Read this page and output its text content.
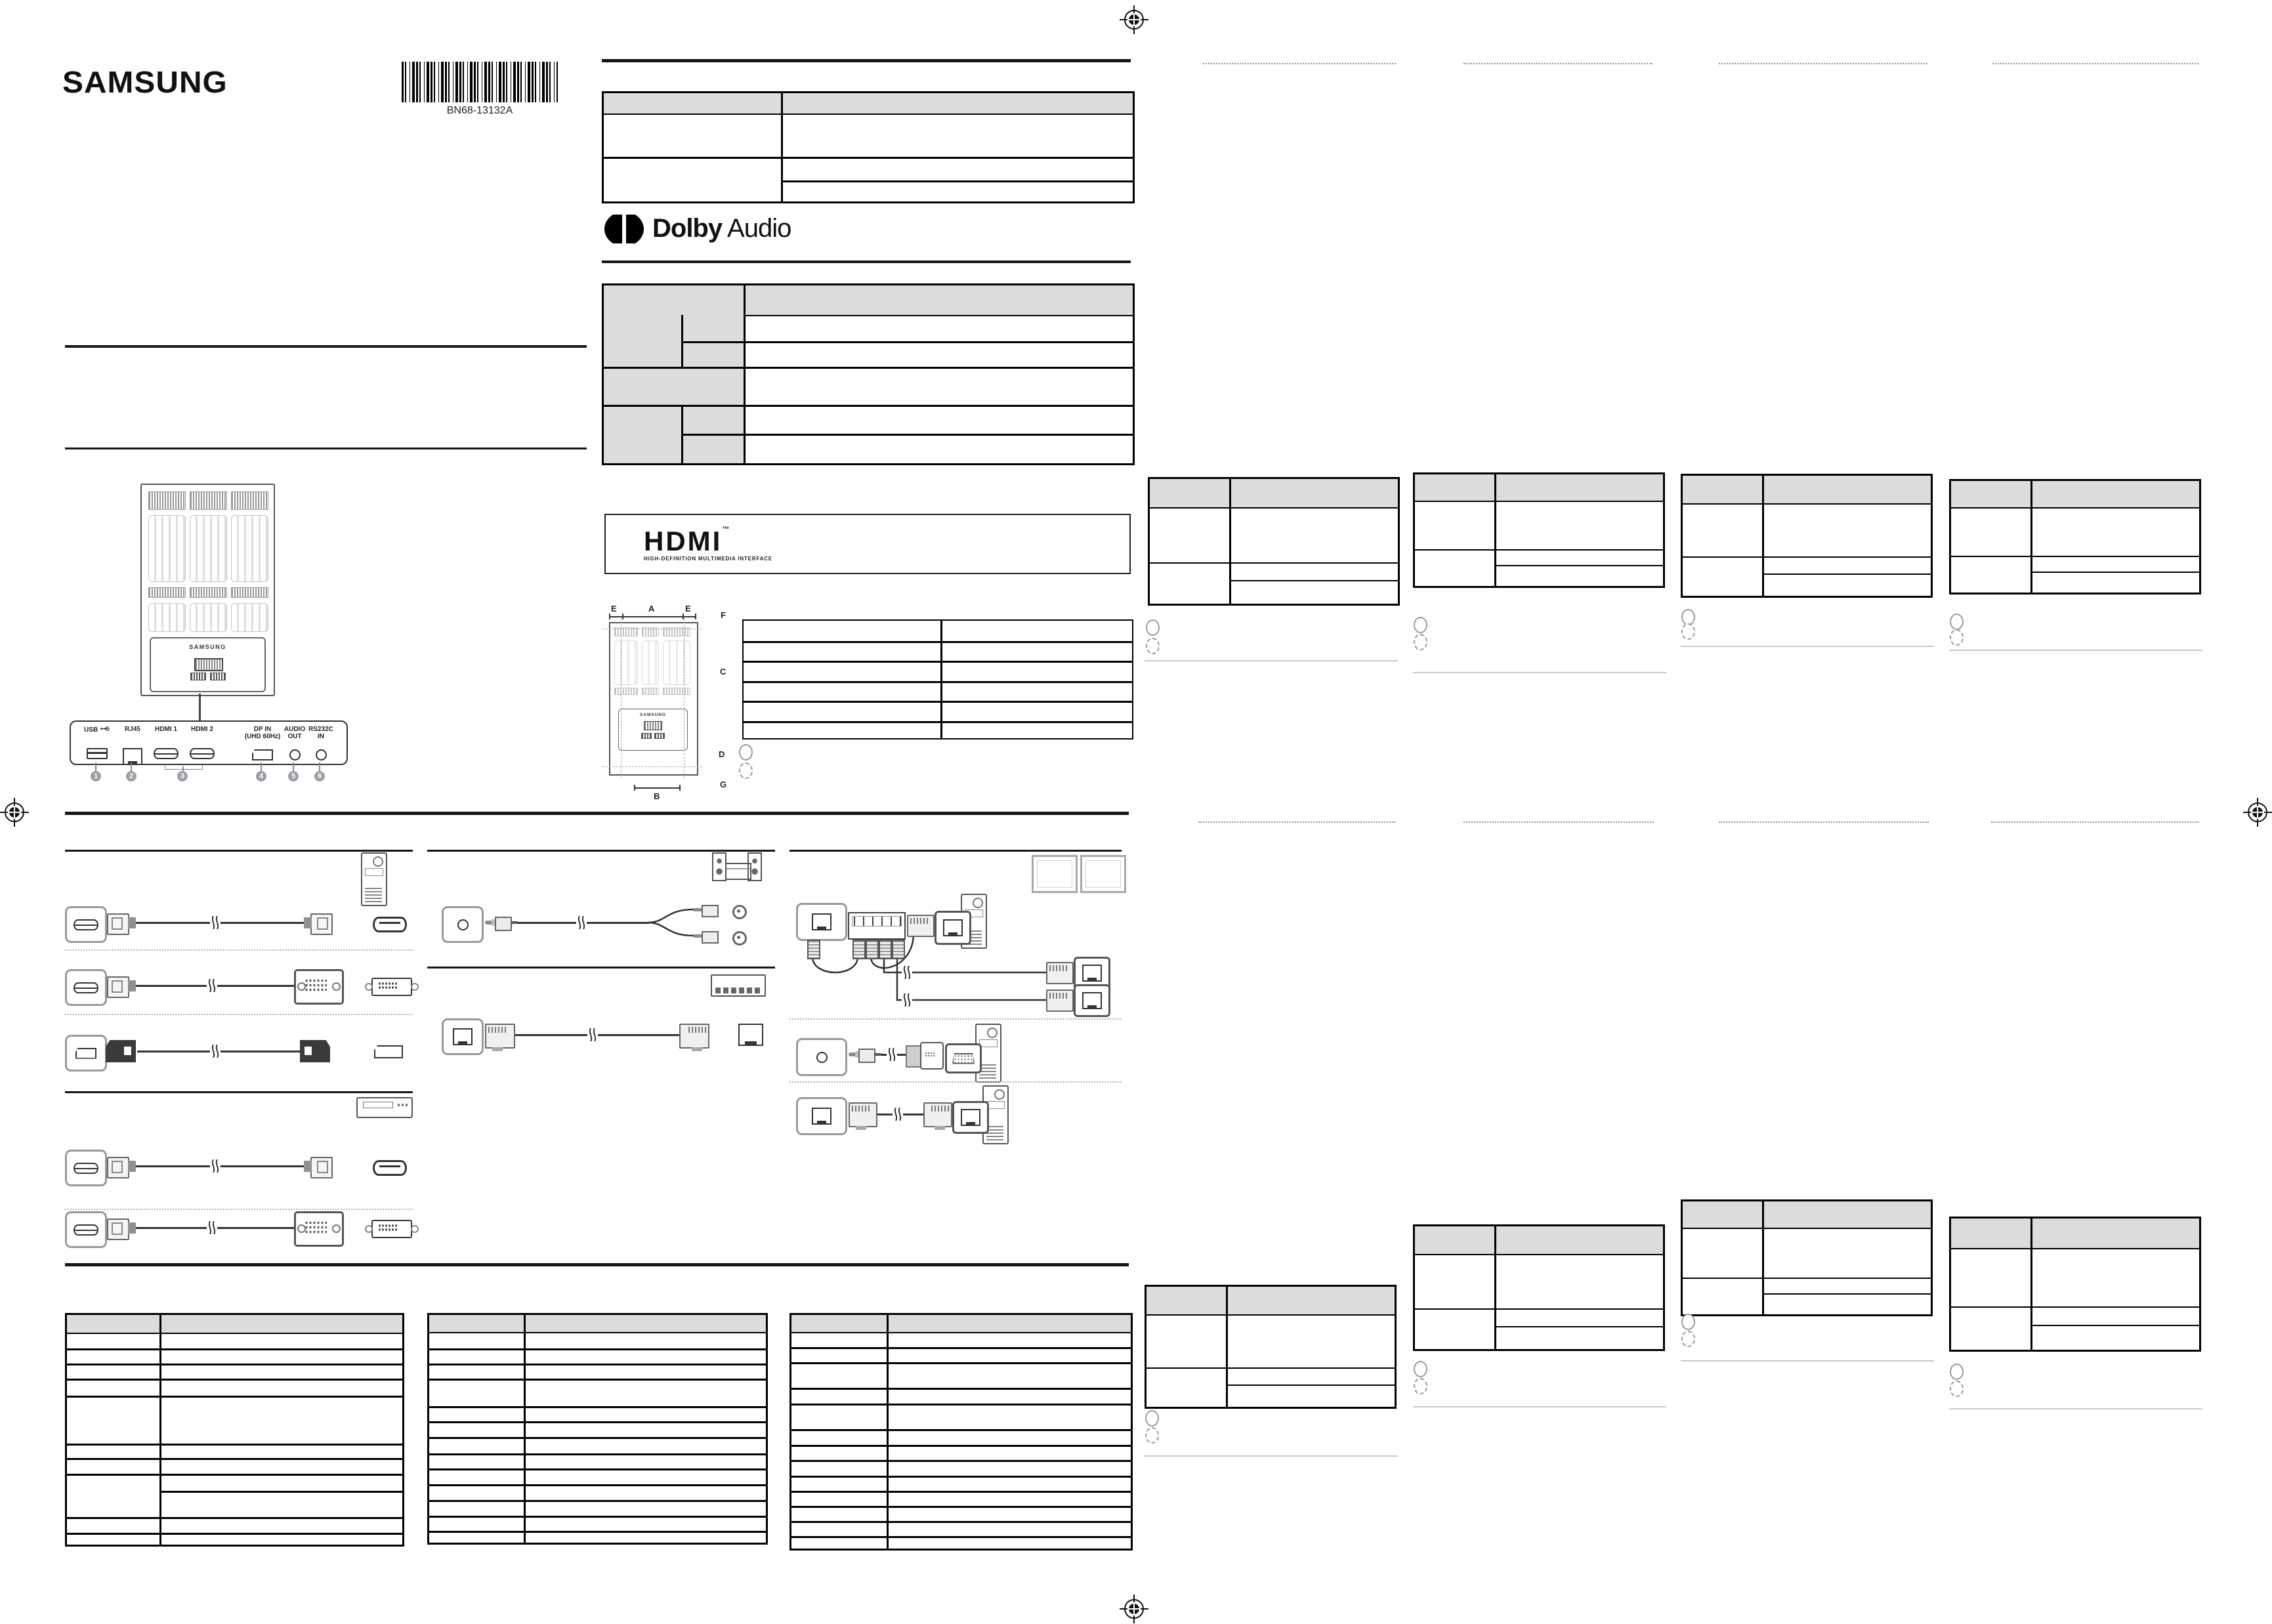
SAMSUNG
BN68-13132A
Dolby Audio
HDMI™
HIGH-DEFINITION MULTIMEDIA INTERFACE
SAMSUNG
USB	RJ45	HDMI 1	HDMI 2	DP IN
(UHD 60Hz)
AUDIO
OUT
RS232C
IN
1	2	3	4	5	6
E	A	E
SAMSUNG
F
C
D
G
B
